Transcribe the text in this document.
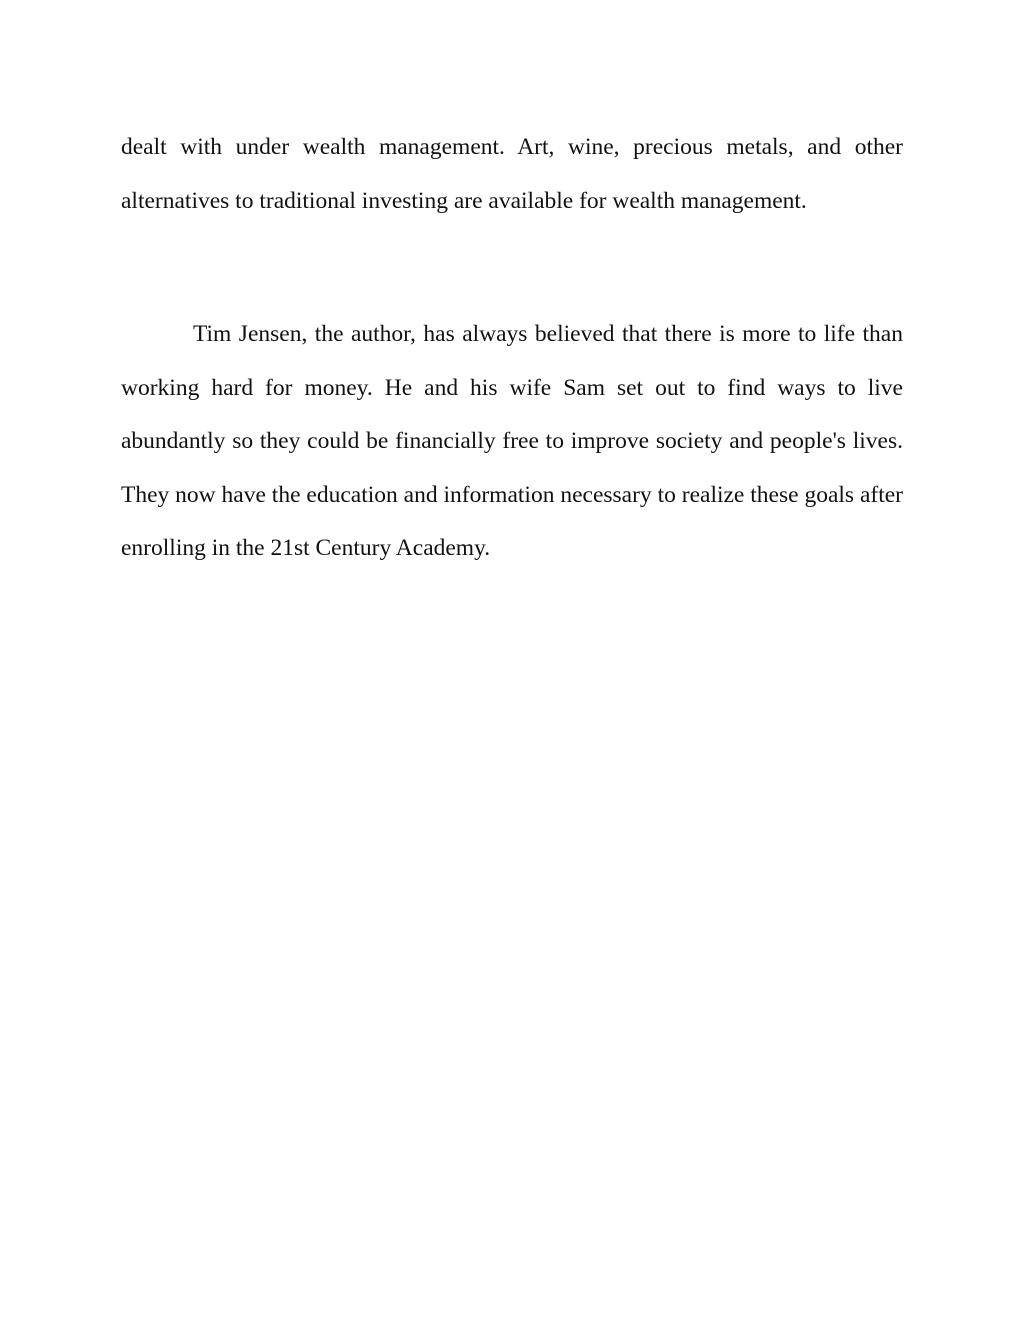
dealt with under wealth management. Art, wine, precious metals, and other alternatives to traditional investing are available for wealth management.

Tim Jensen, the author, has always believed that there is more to life than working hard for money. He and his wife Sam set out to find ways to live abundantly so they could be financially free to improve society and people's lives. They now have the education and information necessary to realize these goals after enrolling in the 21st Century Academy.
